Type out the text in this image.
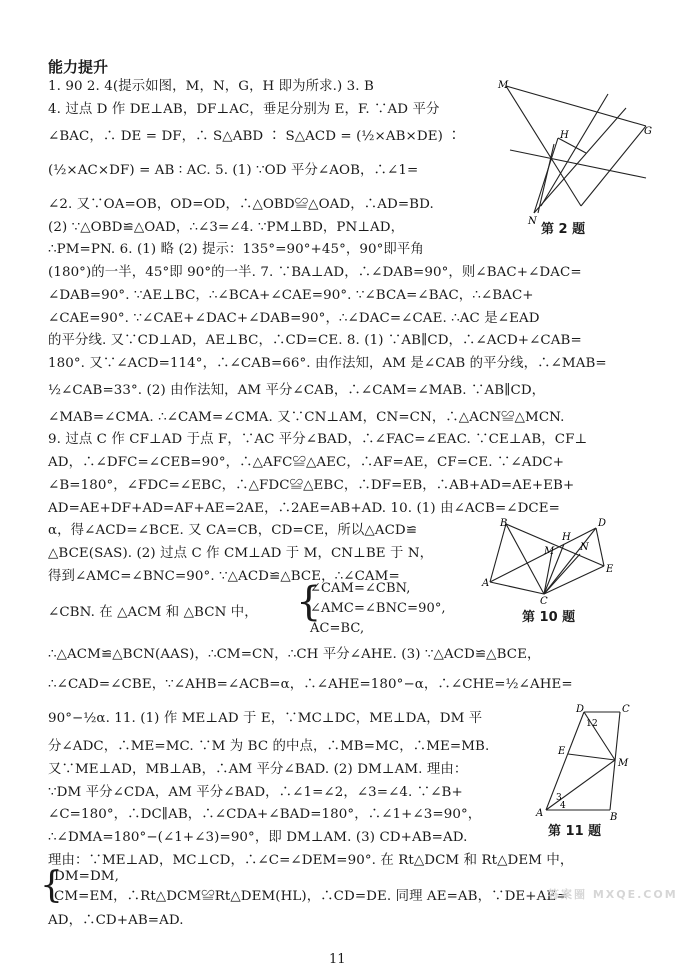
能力提升
1. 90 2. 4(提示如图，M，N，G，H 即为所求.) 3. B
4. 过点 D 作 DE⊥AB，DF⊥AC，垂足分别为 E，F. ∵AD 平分
∠BAC，∴ DE = DF，∴ S△ABD ∶ S△ACD = (½×AB×DE) ∶
(½×AC×DF) = AB ∶ AC. 5. (1) ∵OD 平分∠AOB，∴∠1=
∠2. 又∵OA=OB，OD=OD，∴△OBD≌△OAD，∴AD=BD.
(2) ∵△OBD≌△OAD，∴∠3=∠4. ∵PM⊥BD，PN⊥AD，
∴PM=PN. 6. (1) 略 (2) 提示：135°=90°+45°，90°即平角
(180°)的一半，45°即 90°的一半. 7. ∵BA⊥AD，∴∠DAB=90°，则∠BAC+∠DAC=
∠DAB=90°. ∵AE⊥BC，∴∠BCA+∠CAE=90°. ∵∠BCA=∠BAC，∴∠BAC+
∠CAE=90°. ∵∠CAE+∠DAC+∠DAB=90°，∴∠DAC=∠CAE. ∴AC 是∠EAD
的平分线. 又∵CD⊥AD，AE⊥BC，∴CD=CE. 8. (1) ∵AB∥CD，∴∠ACD+∠CAB=
180°. 又∵∠ACD=114°，∴∠CAB=66°. 由作法知，AM 是∠CAB 的平分线，∴∠MAB=
½∠CAB=33°. (2) 由作法知，AM 平分∠CAB，∴∠CAM=∠MAB. ∵AB∥CD，
∠MAB=∠CMA. ∴∠CAM=∠CMA. 又∵CN⊥AM，CN=CN，∴△ACN≌△MCN.
9. 过点 C 作 CF⊥AD 于点 F，∵AC 平分∠BAD，∴∠FAC=∠EAC. ∵CE⊥AB，CF⊥
AD，∴∠DFC=∠CEB=90°，∴△AFC≌△AEC，∴AF=AE，CF=CE. ∵∠ADC+
∠B=180°，∠FDC=∠EBC，∴△FDC≌△EBC，∴DF=EB，∴AB+AD=AE+EB+
AD=AE+DF+AD=AF+AE=2AE，∴2AE=AB+AD. 10. (1) 由∠ACB=∠DCE=
α，得∠ACD=∠BCE. 又 CA=CB，CD=CE，所以△ACD≌
△BCE(SAS). (2) 过点 C 作 CM⊥AD 于 M，CN⊥BE 于 N，
得到∠AMC=∠BNC=90°. ∵△ACD≌△BCE，∴∠CAM=
∠CBN. 在 △ACM 和 △BCN 中， {
∠CAM=∠CBN,
∠AMC=∠BNC=90°,
AC=BC,
∴△ACM≌△BCN(AAS)，∴CM=CN，∴CH 平分∠AHE. (3) ∵△ACD≌△BCE，
∴∠CAD=∠CBE，∵∠AHB=∠ACB=α，∴∠AHE=180°−α，∴∠CHE=½∠AHE=
90°−½α. 11. (1) 作 ME⊥AD 于 E，∵MC⊥DC，ME⊥DA，DM 平
分∠ADC，∴ME=MC. ∵M 为 BC 的中点，∴MB=MC，∴ME=MB.
又∵ME⊥AD，MB⊥AB，∴AM 平分∠BAD. (2) DM⊥AM. 理由：
∵DM 平分∠CDA，AM 平分∠BAD，∴∠1=∠2，∠3=∠4. ∵∠B+
∠C=180°，∴DC∥AB，∴∠CDA+∠BAD=180°，∴∠1+∠3=90°，
∴∠DMA=180°−(∠1+∠3)=90°，即 DM⊥AM. (3) CD+AB=AD.
理由：∵ME⊥AD，MC⊥CD，∴∠C=∠DEM=90°. 在 Rt△DCM 和 Rt△DEM 中，
{
DM=DM,
CM=EM，∴Rt△DCM≌Rt△DEM(HL)，∴CD=DE. 同理 AE=AB，∵DE+AE=
AD，∴CD+AB=AD.
M
G
H
N
第 2 题
B	D
H
M	N
A
C
E
第 10 题
D	C
E
M
A	B
1 2
3
4
第 11 题
11
答案圈 MXQE.COM
